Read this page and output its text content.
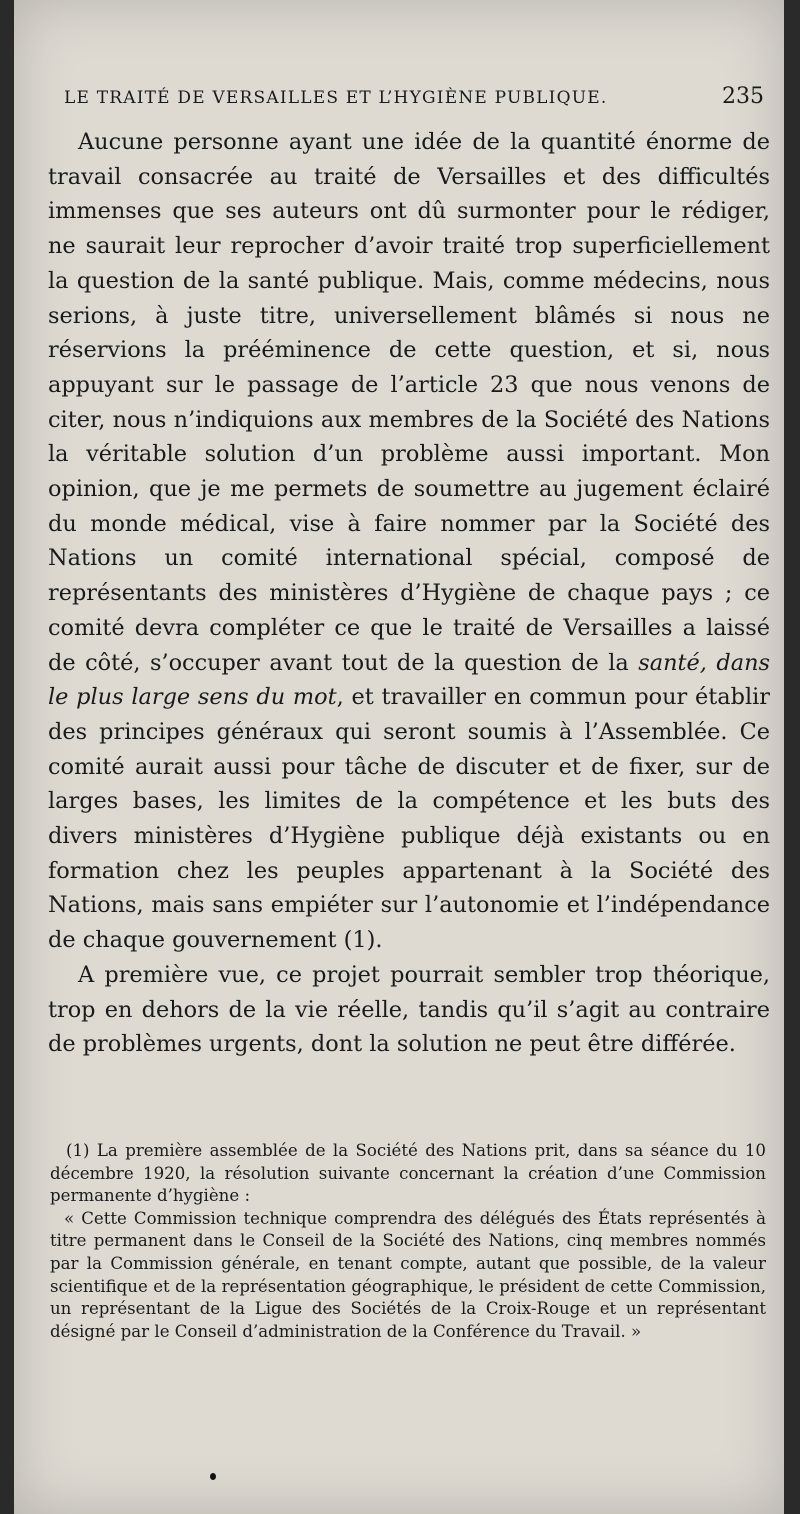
LE TRAITÉ DE VERSAILLES ET L’HYGIÈNE PUBLIQUE.	235

Aucune personne ayant une idée de la quantité énorme de travail consacrée au traité de Versailles et des difficultés immenses que ses auteurs ont dû surmonter pour le rédiger, ne saurait leur reprocher d’avoir traité trop superficiellement la question de la santé publique. Mais, comme médecins, nous serions, à juste titre, universellement blâmés si nous ne réservions la prééminence de cette question, et si, nous appuyant sur le passage de l’article 23 que nous venons de citer, nous n’indiquions aux membres de la Société des Nations la véritable solution d’un problème aussi important. Mon opinion, que je me permets de soumettre au jugement éclairé du monde médical, vise à faire nommer par la Société des Nations un comité international spécial, composé de représentants des ministères d’Hygiène de chaque pays ; ce comité devra compléter ce que le traité de Versailles a laissé de côté, s’occuper avant tout de la question de la santé, dans le plus large sens du mot, et travailler en commun pour établir des principes généraux qui seront soumis à l’Assemblée. Ce comité aurait aussi pour tâche de discuter et de fixer, sur de larges bases, les limites de la compétence et les buts des divers ministères d’Hygiène publique déjà existants ou en formation chez les peuples appartenant à la Société des Nations, mais sans empiéter sur l’autonomie et l’indépendance de chaque gouvernement (1).

A première vue, ce projet pourrait sembler trop théorique, trop en dehors de la vie réelle, tandis qu’il s’agit au contraire de problèmes urgents, dont la solution ne peut être différée.

(1) La première assemblée de la Société des Nations prit, dans sa séance du 10 décembre 1920, la résolution suivante concernant la création d’une Commission permanente d’hygiène :

« Cette Commission technique comprendra des délégués des États représentés à titre permanent dans le Conseil de la Société des Nations, cinq membres nommés par la Commission générale, en tenant compte, autant que possible, de la valeur scientifique et de la représentation géographique, le président de cette Commission, un représentant de la Ligue des Sociétés de la Croix-Rouge et un représentant désigné par le Conseil d’administration de la Conférence du Travail. »
